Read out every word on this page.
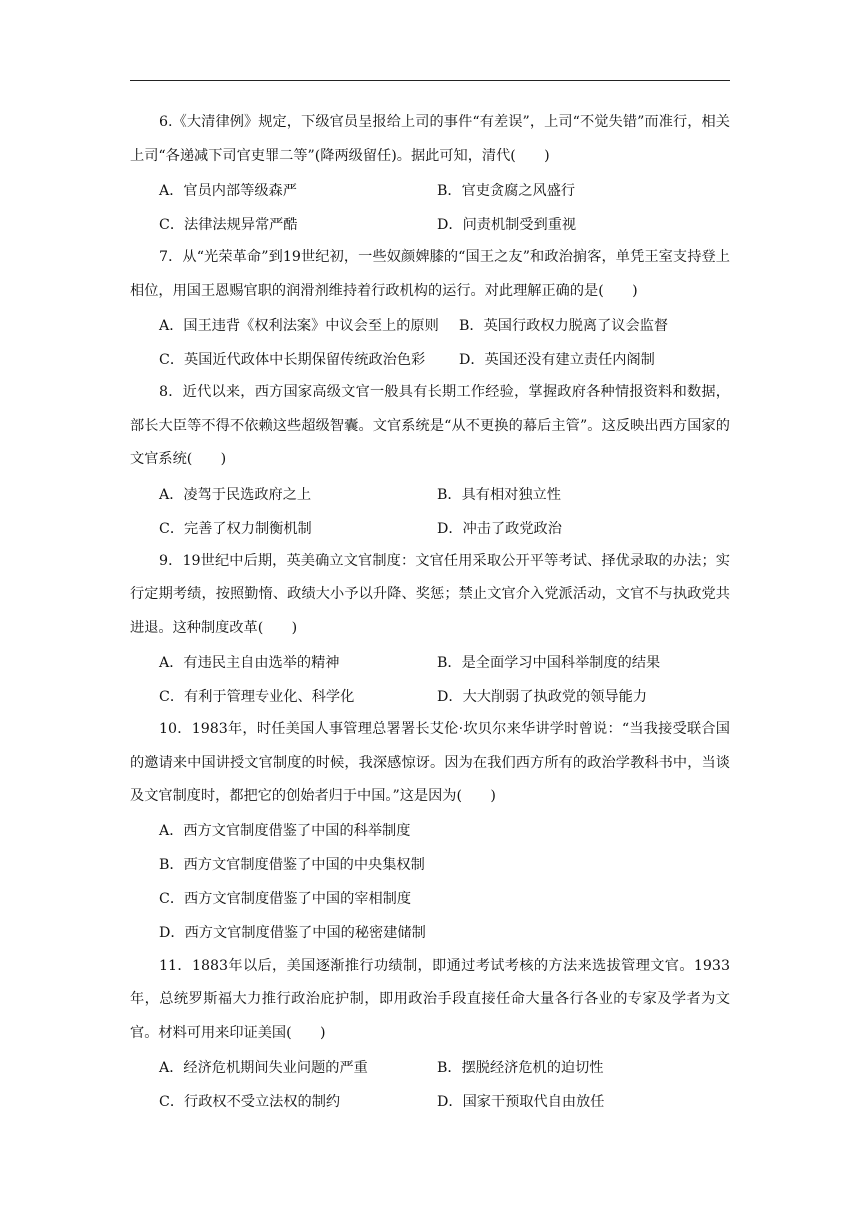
6.《大清律例》规定，下级官员呈报给上司的事件“有差误”，上司“不觉失错”而准行，相关上司“各递减下司官吏罪二等”(降两级留任)。据此可知，清代(　　)

A．官员内部等级森严	B．官吏贪腐之风盛行
C．法律法规异常严酷	D．问责机制受到重视

7．从“光荣革命”到19世纪初，一些奴颜婢膝的“国王之友”和政治掮客，单凭王室支持登上相位，用国王恩赐官职的润滑剂维持着行政机构的运行。对此理解正确的是(　　)

A．国王违背《权利法案》中议会至上的原则	B．英国行政权力脱离了议会监督
C．英国近代政体中长期保留传统政治色彩	D．英国还没有建立责任内阁制

8．近代以来，西方国家高级文官一般具有长期工作经验，掌握政府各种情报资料和数据，部长大臣等不得不依赖这些超级智囊。文官系统是“从不更换的幕后主管”。这反映出西方国家的文官系统(　　)

A．凌驾于民选政府之上	B．具有相对独立性
C．完善了权力制衡机制	D．冲击了政党政治

9．19世纪中后期，英美确立文官制度：文官任用采取公开平等考试、择优录取的办法；实行定期考绩，按照勤惰、政绩大小予以升降、奖惩；禁止文官介入党派活动，文官不与执政党共进退。这种制度改革(　　)

A．有违民主自由选举的精神	B．是全面学习中国科举制度的结果
C．有利于管理专业化、科学化	D．大大削弱了执政党的领导能力

10．1983年，时任美国人事管理总署署长艾伦·坎贝尔来华讲学时曾说：“当我接受联合国的邀请来中国讲授文官制度的时候，我深感惊讶。因为在我们西方所有的政治学教科书中，当谈及文官制度时，都把它的创始者归于中国。”这是因为(　　)

A．西方文官制度借鉴了中国的科举制度
B．西方文官制度借鉴了中国的中央集权制
C．西方文官制度借鉴了中国的宰相制度
D．西方文官制度借鉴了中国的秘密建储制

11．1883年以后，美国逐渐推行功绩制，即通过考试考核的方法来选拔管理文官。1933年，总统罗斯福大力推行政治庇护制，即用政治手段直接任命大量各行各业的专家及学者为文官。材料可用来印证美国(　　)

A．经济危机期间失业问题的严重	B．摆脱经济危机的迫切性
C．行政权不受立法权的制约	D．国家干预取代自由放任
